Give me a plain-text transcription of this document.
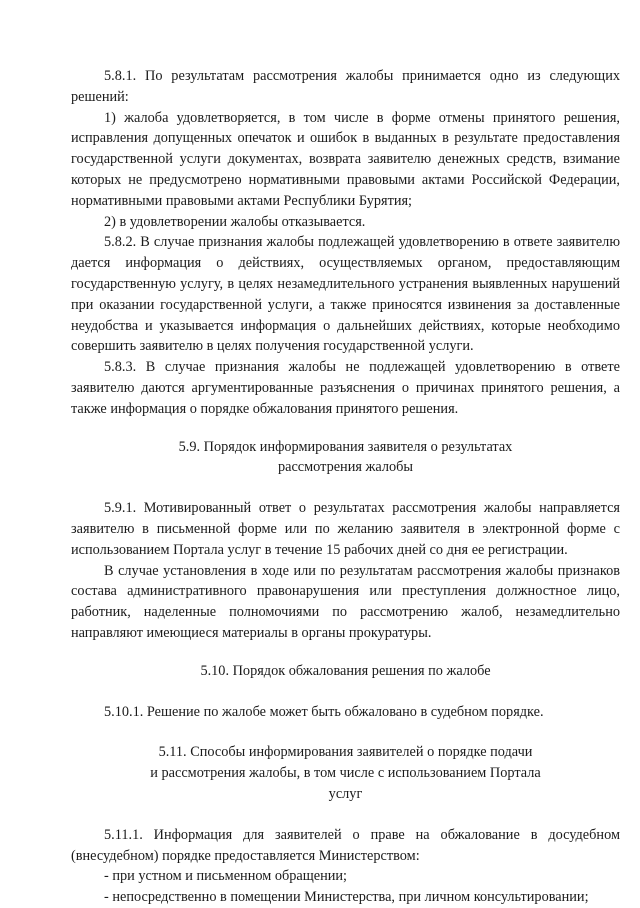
5.8.1. По результатам рассмотрения жалобы принимается одно из следующих решений:

1) жалоба удовлетворяется, в том числе в форме отмены принятого решения, исправления допущенных опечаток и ошибок в выданных в результате предоставления государственной услуги документах, возврата заявителю денежных средств, взимание которых не предусмотрено нормативными правовыми актами Российской Федерации, нормативными правовыми актами Республики Бурятия;

2) в удовлетворении жалобы отказывается.

5.8.2. В случае признания жалобы подлежащей удовлетворению в ответе заявителю дается информация о действиях, осуществляемых органом, предоставляющим государственную услугу, в целях незамедлительного устранения выявленных нарушений при оказании государственной услуги, а также приносятся извинения за доставленные неудобства и указывается информация о дальнейших действиях, которые необходимо совершить заявителю в целях получения государственной услуги.

5.8.3. В случае признания жалобы не подлежащей удовлетворению в ответе заявителю даются аргументированные разъяснения о причинах принятого решения, а также информация о порядке обжалования принятого решения.

5.9. Порядок информирования заявителя о результатах
рассмотрения жалобы

5.9.1. Мотивированный ответ о результатах рассмотрения жалобы направляется заявителю в письменной форме или по желанию заявителя в электронной форме с использованием Портала услуг в течение 15 рабочих дней со дня ее регистрации.

В случае установления в ходе или по результатам рассмотрения жалобы признаков состава административного правонарушения или преступления должностное лицо, работник, наделенные полномочиями по рассмотрению жалоб, незамедлительно направляют имеющиеся материалы в органы прокуратуры.

5.10. Порядок обжалования решения по жалобе

5.10.1. Решение по жалобе может быть обжаловано в судебном порядке.

5.11. Способы информирования заявителей о порядке подачи
и рассмотрения жалобы, в том числе с использованием Портала
услуг

5.11.1. Информация для заявителей о праве на обжалование в досудебном (внесудебном) порядке предоставляется Министерством:

- при устном и письменном обращении;

- непосредственно в помещении Министерства, при личном консультировании;
